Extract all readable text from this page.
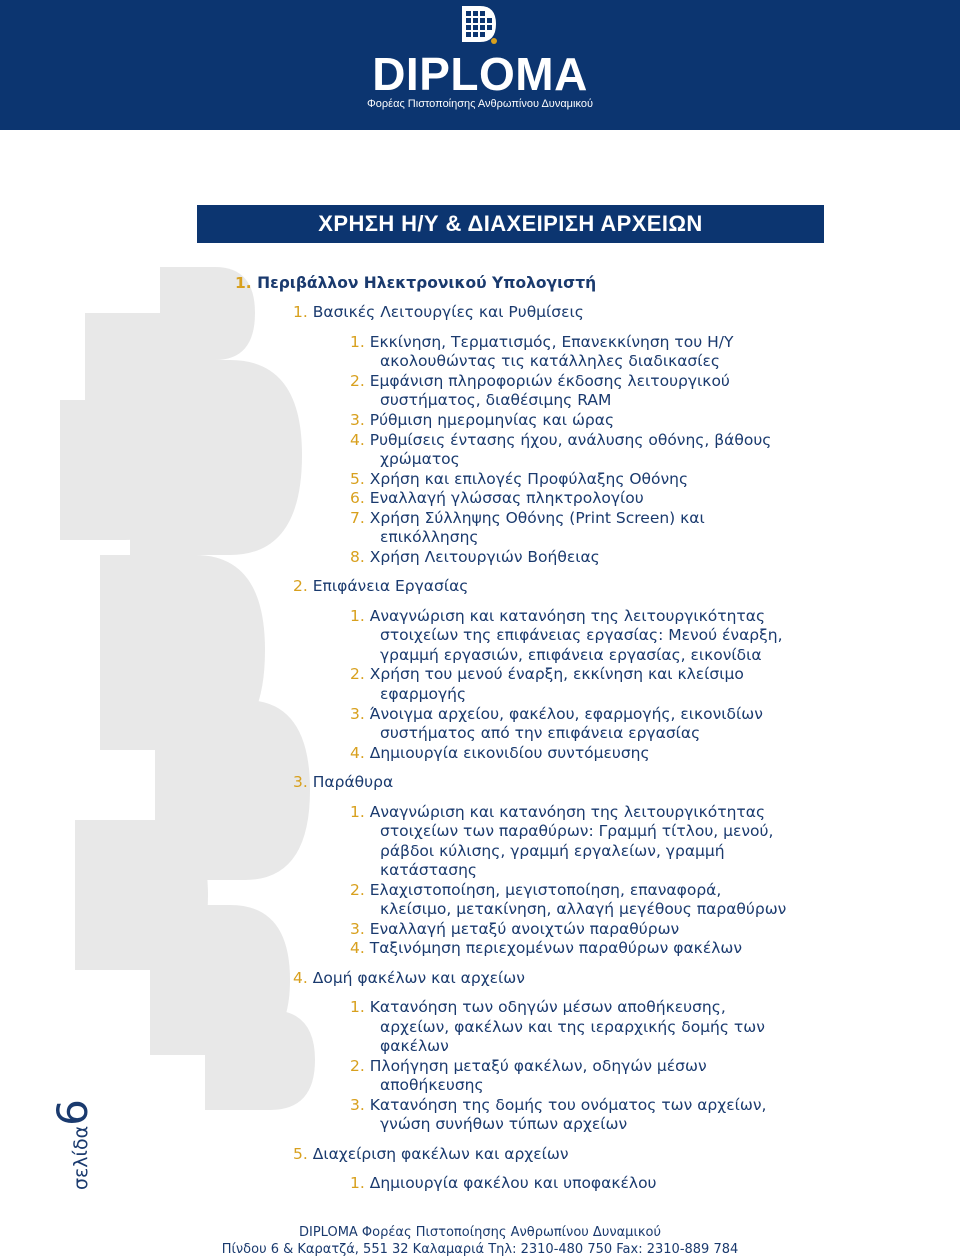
DIPLOMA
Φορέας Πιστοποίησης Ανθρωπίνου Δυναμικού
ΧΡΗΣΗ Η/Υ & ΔΙΑΧΕΙΡΙΣΗ ΑΡΧΕΙΩΝ
1. Περιβάλλον Ηλεκτρονικού Υπολογιστή
1. Βασικές Λειτουργίες και Ρυθμίσεις
1. Εκκίνηση, Τερματισμός, Επανεκκίνηση του Η/Υ
ακολουθώντας τις κατάλληλες διαδικασίες
2. Εμφάνιση πληροφοριών έκδοσης λειτουργικού
συστήματος, διαθέσιμης RAM
3. Ρύθμιση ημερομηνίας και ώρας
4. Ρυθμίσεις έντασης ήχου, ανάλυσης οθόνης, βάθους
χρώματος
5. Χρήση και επιλογές Προφύλαξης Οθόνης
6. Εναλλαγή γλώσσας πληκτρολογίου
7. Χρήση Σύλληψης Οθόνης (Print Screen) και
επικόλλησης
8. Χρήση Λειτουργιών Βοήθειας
2. Επιφάνεια Εργασίας
1. Αναγνώριση και κατανόηση της λειτουργικότητας
στοιχείων της επιφάνειας εργασίας: Μενού έναρξη,
γραμμή εργασιών, επιφάνεια εργασίας, εικονίδια
2. Χρήση του μενού έναρξη, εκκίνηση και κλείσιμο
εφαρμογής
3. Άνοιγμα αρχείου, φακέλου, εφαρμογής, εικονιδίων
συστήματος από την επιφάνεια εργασίας
4. Δημιουργία εικονιδίου συντόμευσης
3. Παράθυρα
1. Αναγνώριση και κατανόηση της λειτουργικότητας
στοιχείων των παραθύρων: Γραμμή τίτλου, μενού,
ράβδοι κύλισης, γραμμή εργαλείων, γραμμή
κατάστασης
2. Ελαχιστοποίηση, μεγιστοποίηση, επαναφορά,
κλείσιμο, μετακίνηση, αλλαγή μεγέθους παραθύρων
3. Εναλλαγή μεταξύ ανοιχτών παραθύρων
4. Ταξινόμηση περιεχομένων παραθύρων φακέλων
4. Δομή φακέλων και αρχείων
1. Κατανόηση των οδηγών μέσων αποθήκευσης,
αρχείων, φακέλων και της ιεραρχικής δομής των
φακέλων
2. Πλοήγηση μεταξύ φακέλων, οδηγών μέσων
αποθήκευσης
3. Κατανόηση της δομής του ονόματος των αρχείων,
γνώση συνήθων τύπων αρχείων
5. Διαχείριση φακέλων και αρχείων
1. Δημιουργία φακέλου και υποφακέλου
σελίδα6
DIPLOMA Φορέας Πιστοποίησης Ανθρωπίνου Δυναμικού
Πίνδου 6 & Καρατζά, 551 32 Καλαμαριά Τηλ: 2310-480 750 Fax: 2310-889 784
